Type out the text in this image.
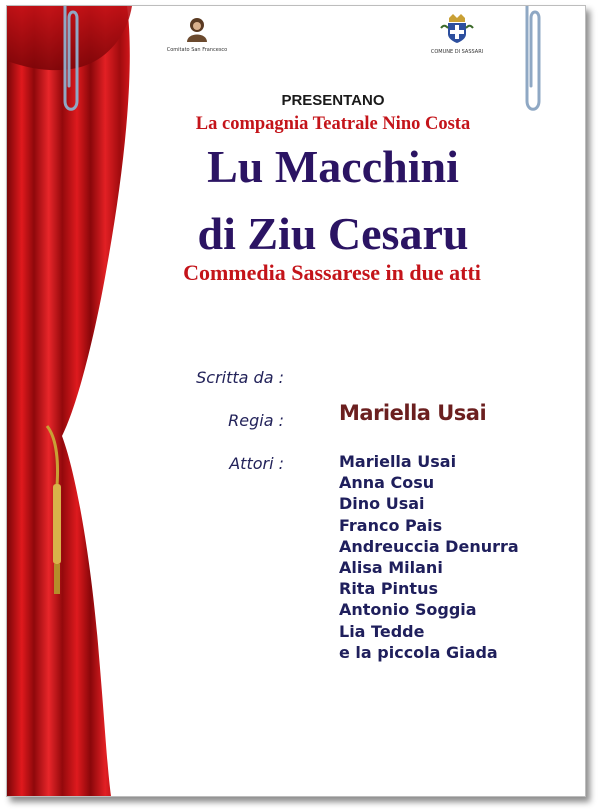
Comitato San Francesco	COMUNE DI SASSARI
PRESENTANO
La compagnia Teatrale Nino Costa
Lu Macchini
di Ziu Cesaru
Commedia Sassarese in due atti
Scritta da :
Regia :	Mariella Usai
Attori :	Mariella Usai
Anna Cosu
Dino Usai
Franco Pais
Andreuccia Denurra
Alisa Milani
Rita Pintus
Antonio Soggia
Lia Tedde
e la piccola Giada
